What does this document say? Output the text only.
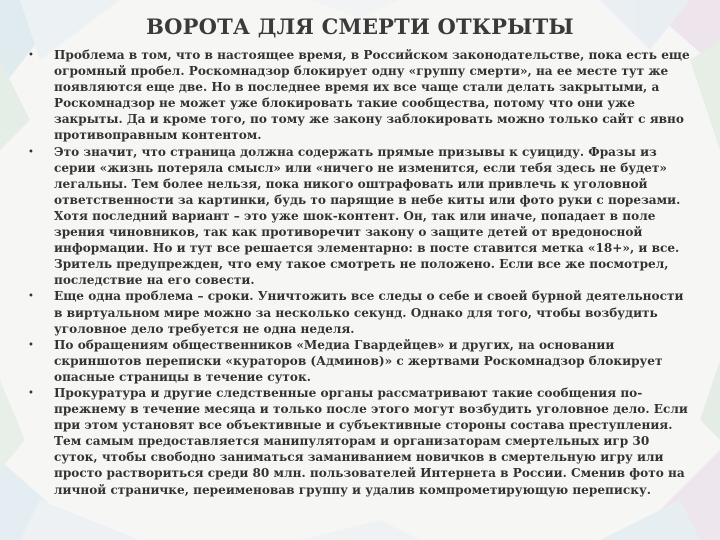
ВОРОТА ДЛЯ СМЕРТИ ОТКРЫТЫ
•	Проблема в том, что в настоящее время, в Российском законодательстве, пока есть еще огромный пробел. Роскомнадзор блокирует одну «группу смерти», на ее месте тут же появляются еще две. Но в последнее время их все чаще стали делать закрытыми, а Роскомнадзор не может уже блокировать такие сообщества, потому что они уже закрыты. Да и кроме того, по тому же закону заблокировать можно только сайт с явно противоправным контентом.
•	Это значит, что страница должна содержать прямые призывы к суициду. Фразы из серии «жизнь потеряла смысл» или «ничего не изменится, если тебя здесь не будет» легальны. Тем более нельзя, пока никого оштрафовать или привлечь к уголовной ответственности за картинки, будь то парящие в небе киты или фото руки с порезами. Хотя последний вариант – это уже шок-контент. Он, так или иначе, попадает в поле зрения чиновников, так как противоречит закону о защите детей от вредоносной информации. Но и тут все решается элементарно: в посте ставится метка «18+», и все. Зритель предупрежден, что ему такое смотреть не положено. Если все же посмотрел, последствие на его совести.
•	Еще одна проблема – сроки. Уничтожить все следы о себе и своей бурной деятельности в виртуальном мире можно за несколько секунд. Однако для того, чтобы возбудить уголовное дело требуется не одна неделя.
•	По обращениям общественников «Медиа Гвардейцев» и других, на основании скриншотов переписки «кураторов (Админов)» с жертвами Роскомнадзор блокирует опасные страницы в течение суток.
•	Прокуратура и другие следственные органы рассматривают такие сообщения по-прежнему в течение месяца и только после этого могут возбудить уголовное дело. Если при этом установят все объективные и субъективные стороны состава преступления. Тем самым предоставляется манипуляторам и организаторам смертельных игр 30 суток, чтобы свободно заниматься заманиванием новичков в смертельную игру или просто раствориться среди 80 млн. пользователей Интернета в России. Сменив фото на личной страничке, переименовав группу и удалив компрометирующую переписку.
